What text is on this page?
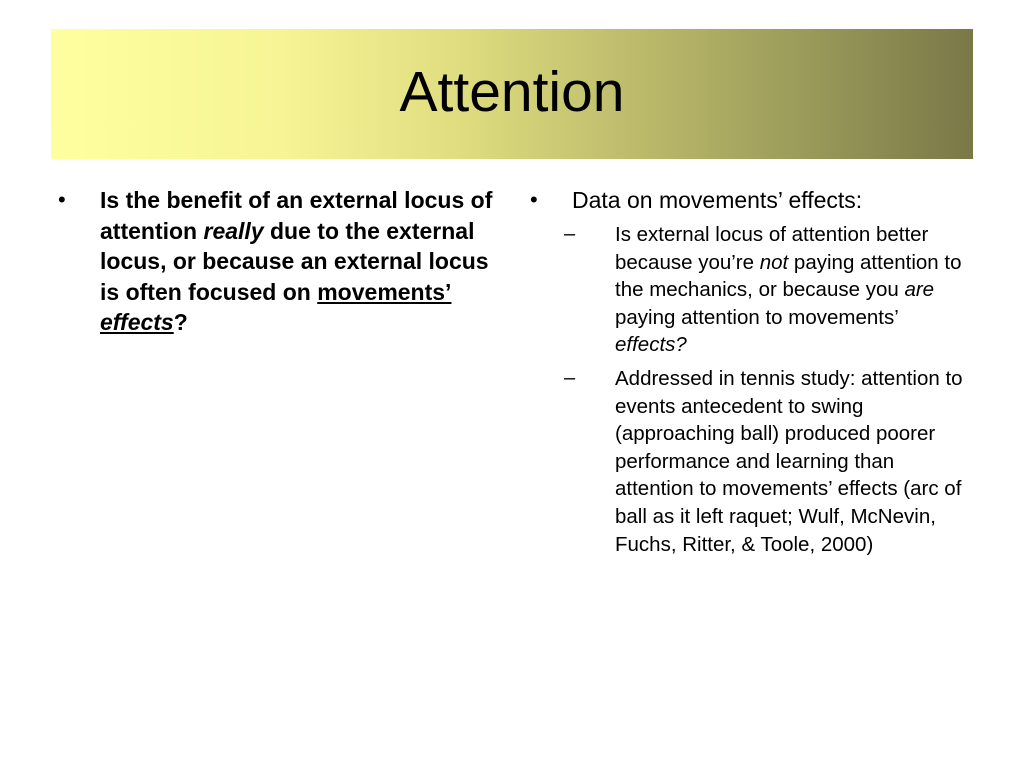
Attention
•	Is the benefit of an external locus of attention really due to the external locus, or because an external locus is often focused on movements’ effects?
•	Data on movements’ effects:
–	Is external locus of attention better because you’re not paying attention to the mechanics, or because you are paying attention to movements’ effects?
–	Addressed in tennis study: attention to events antecedent to swing (approaching ball) produced poorer performance and learning than attention to movements’ effects (arc of ball as it left raquet; Wulf, McNevin, Fuchs, Ritter, & Toole, 2000)
